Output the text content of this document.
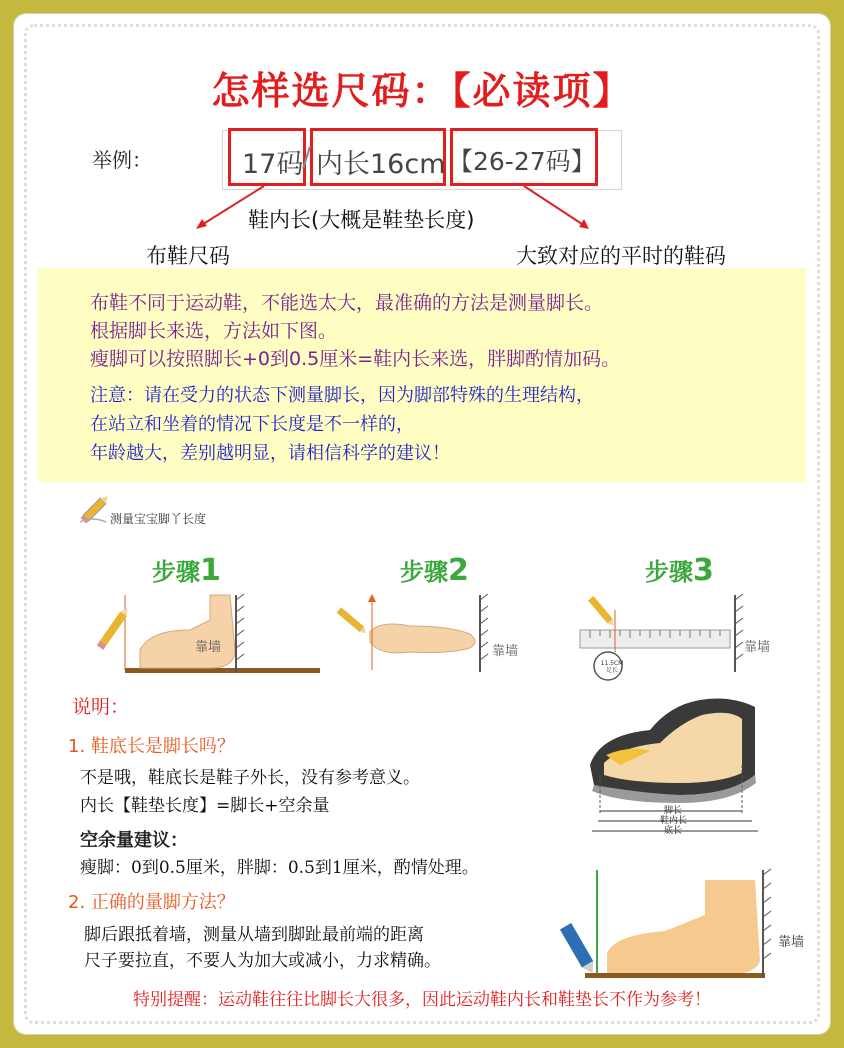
怎样选尺码：【必读项】
举例：	17码
/ 内长16cm 【26-27码】
鞋内长(大概是鞋垫长度)
布鞋尺码	大致对应的平时的鞋码
布鞋不同于运动鞋，不能选太大，最准确的方法是测量脚长。
根据脚长来选，方法如下图。
瘦脚可以按照脚长+0到0.5厘米=鞋内长来选，胖脚酌情加码。
注意：请在受力的状态下测量脚长，因为脚部特殊的生理结构，
在站立和坐着的情况下长度是不一样的，
年龄越大，差别越明显，请相信科学的建议！
测量宝宝脚丫长度
步骤1	步骤2	步骤3
靠墙	靠墙	靠墙
11.5CM
足长
说明：
1. 鞋底长是脚长吗？
不是哦，鞋底长是鞋子外长，没有参考意义。
内长【鞋垫长度】=脚长+空余量
空余量建议：
瘦脚：0到0.5厘米，胖脚：0.5到1厘米，酌情处理。
脚长
鞋内长
底长
2. 正确的量脚方法？
脚后跟抵着墙，测量从墙到脚趾最前端的距离
尺子要拉直，不要人为加大或减小，力求精确。
靠墙
特别提醒：运动鞋往往比脚长大很多，因此运动鞋内长和鞋垫长不作为参考！
